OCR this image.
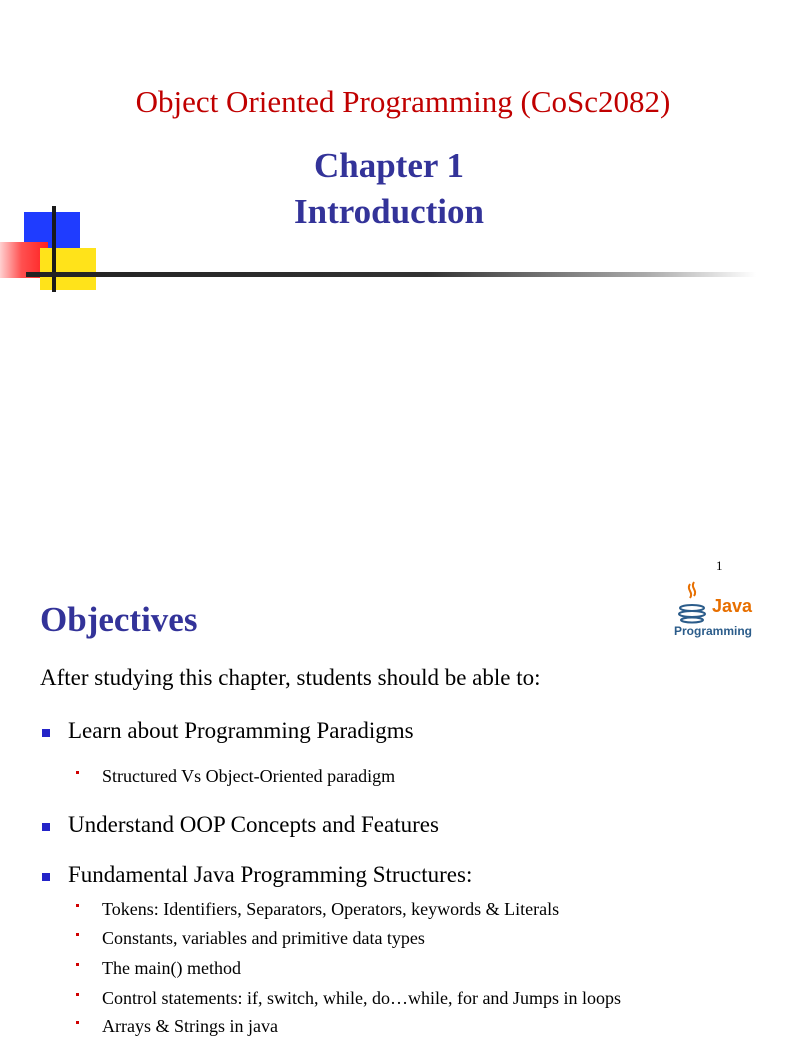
Object Oriented Programming (CoSc2082)
Chapter 1
Introduction
1
Objectives	Java
Programming
After studying this chapter, students should be able to:
Learn about Programming Paradigms
Structured Vs Object-Oriented paradigm
Understand OOP Concepts and Features
Fundamental Java Programming Structures:
Tokens: Identifiers, Separators, Operators, keywords & Literals
Constants, variables and primitive data types
The main() method
Control statements: if, switch, while, do…while, for and Jumps in loops
Arrays & Strings in java
